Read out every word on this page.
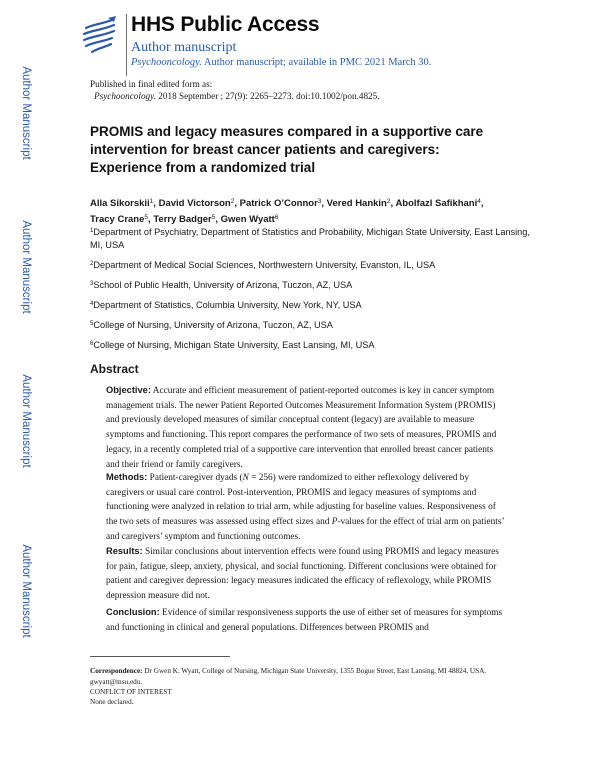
HHS Public Access
Author manuscript
Psychooncology. Author manuscript; available in PMC 2021 March 30.
Published in final edited form as:
Psychooncology. 2018 September ; 27(9): 2265–2273. doi:10.1002/pon.4825.
Author Manuscript
Author Manuscript
Author Manuscript
Author Manuscript
PROMIS and legacy measures compared in a supportive care intervention for breast cancer patients and caregivers: Experience from a randomized trial
Alla Sikorskii$^1$, David Victorson$^2$, Patrick O’Connor$^3$, Vered Hankin$^2$, Abolfazl Safikhani$^4$, Tracy Crane$^5$, Terry Badger$^5$, Gwen Wyatt$^6$
$^1$Department of Psychiatry, Department of Statistics and Probability, Michigan State University, East Lansing, MI, USA
$^2$Department of Medical Social Sciences, Northwestern University, Evanston, IL, USA
$^3$School of Public Health, University of Arizona, Tuczon, AZ, USA
$^4$Department of Statistics, Columbia University, New York, NY, USA
$^5$College of Nursing, University of Arizona, Tuczon, AZ, USA
$^6$College of Nursing, Michigan State University, East Lansing, MI, USA
Abstract
Objective: Accurate and efficient measurement of patient-reported outcomes is key in cancer symptom management trials. The newer Patient Reported Outcomes Measurement Information System (PROMIS) and previously developed measures of similar conceptual content (legacy) are available to measure symptoms and functioning. This report compares the performance of two sets of measures, PROMIS and legacy, in a recently completed trial of a supportive care intervention that enrolled breast cancer patients and their friend or family caregivers.
Methods: Patient-caregiver dyads (N = 256) were randomized to either reflexology delivered by caregivers or usual care control. Post-intervention, PROMIS and legacy measures of symptoms and functioning were analyzed in relation to trial arm, while adjusting for baseline values. Responsiveness of the two sets of measures was assessed using effect sizes and P-values for the effect of trial arm on patients’ and caregivers’ symptom and functioning outcomes.
Results: Similar conclusions about intervention effects were found using PROMIS and legacy measures for pain, fatigue, sleep, anxiety, physical, and social functioning. Different conclusions were obtained for patient and caregiver depression: legacy measures indicated the efficacy of reflexology, while PROMIS depression measure did not.
Conclusion: Evidence of similar responsiveness supports the use of either set of measures for symptoms and functioning in clinical and general populations. Differences between PROMIS and
Correspondence: Dr Gwen K. Wyatt, College of Nursing, Michigan State University, 1355 Bogue Street, East Lansing, MI 48824, USA. gwyatt@msu.edu.
CONFLICT OF INTEREST
None declared.
